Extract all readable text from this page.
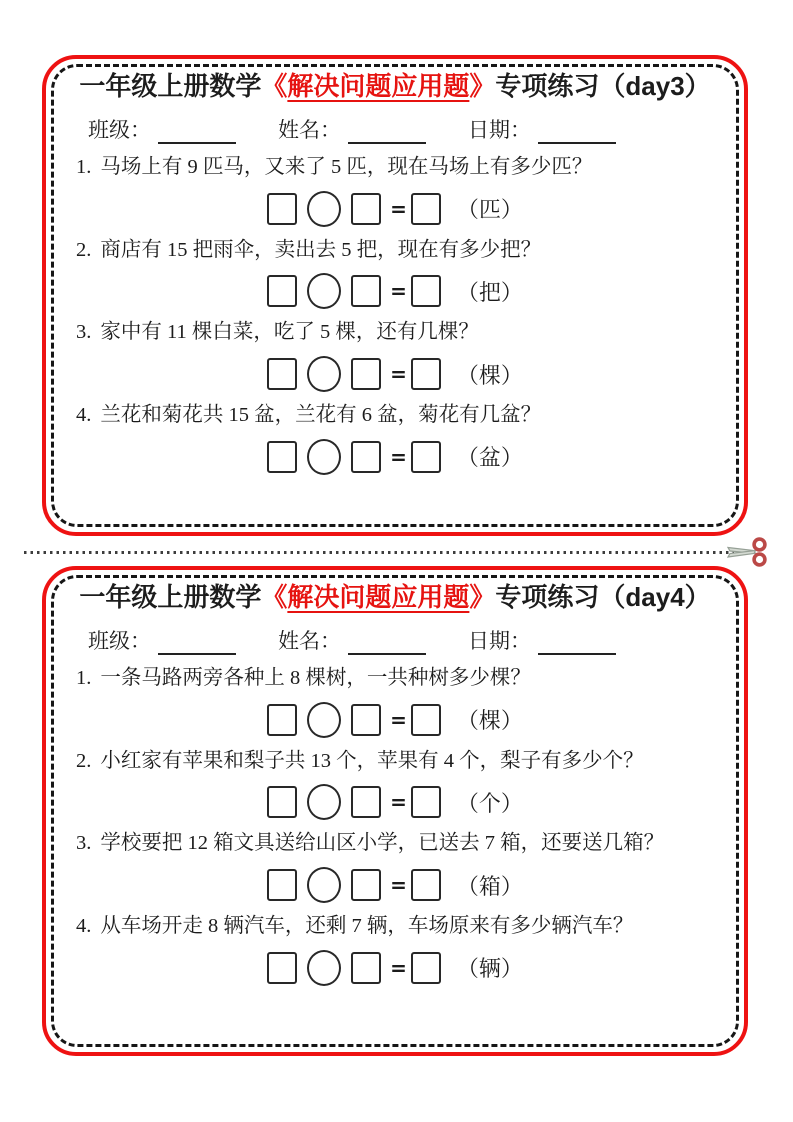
一年级上册数学《解决问题应用题》专项练习（day3）
班级：	姓名：	日期：

1. 马场上有 9 匹马，又来了 5 匹，现在马场上有多少匹？

= （匹）

2. 商店有 15 把雨伞，卖出去 5 把，现在有多少把？

= （把）

3. 家中有 11 棵白菜，吃了 5 棵，还有几棵？

= （棵）

4. 兰花和菊花共 15 盆，兰花有 6 盆，菊花有几盆？

= （盆）
一年级上册数学《解决问题应用题》专项练习（day4）
班级：	姓名：	日期：

1. 一条马路两旁各种上 8 棵树，一共种树多少棵？

= （棵）

2. 小红家有苹果和梨子共 13 个，苹果有 4 个，梨子有多少个？

= （个）

3. 学校要把 12 箱文具送给山区小学，已送去 7 箱，还要送几箱？

= （箱）

4. 从车场开走 8 辆汽车，还剩 7 辆，车场原来有多少辆汽车？

= （辆）
